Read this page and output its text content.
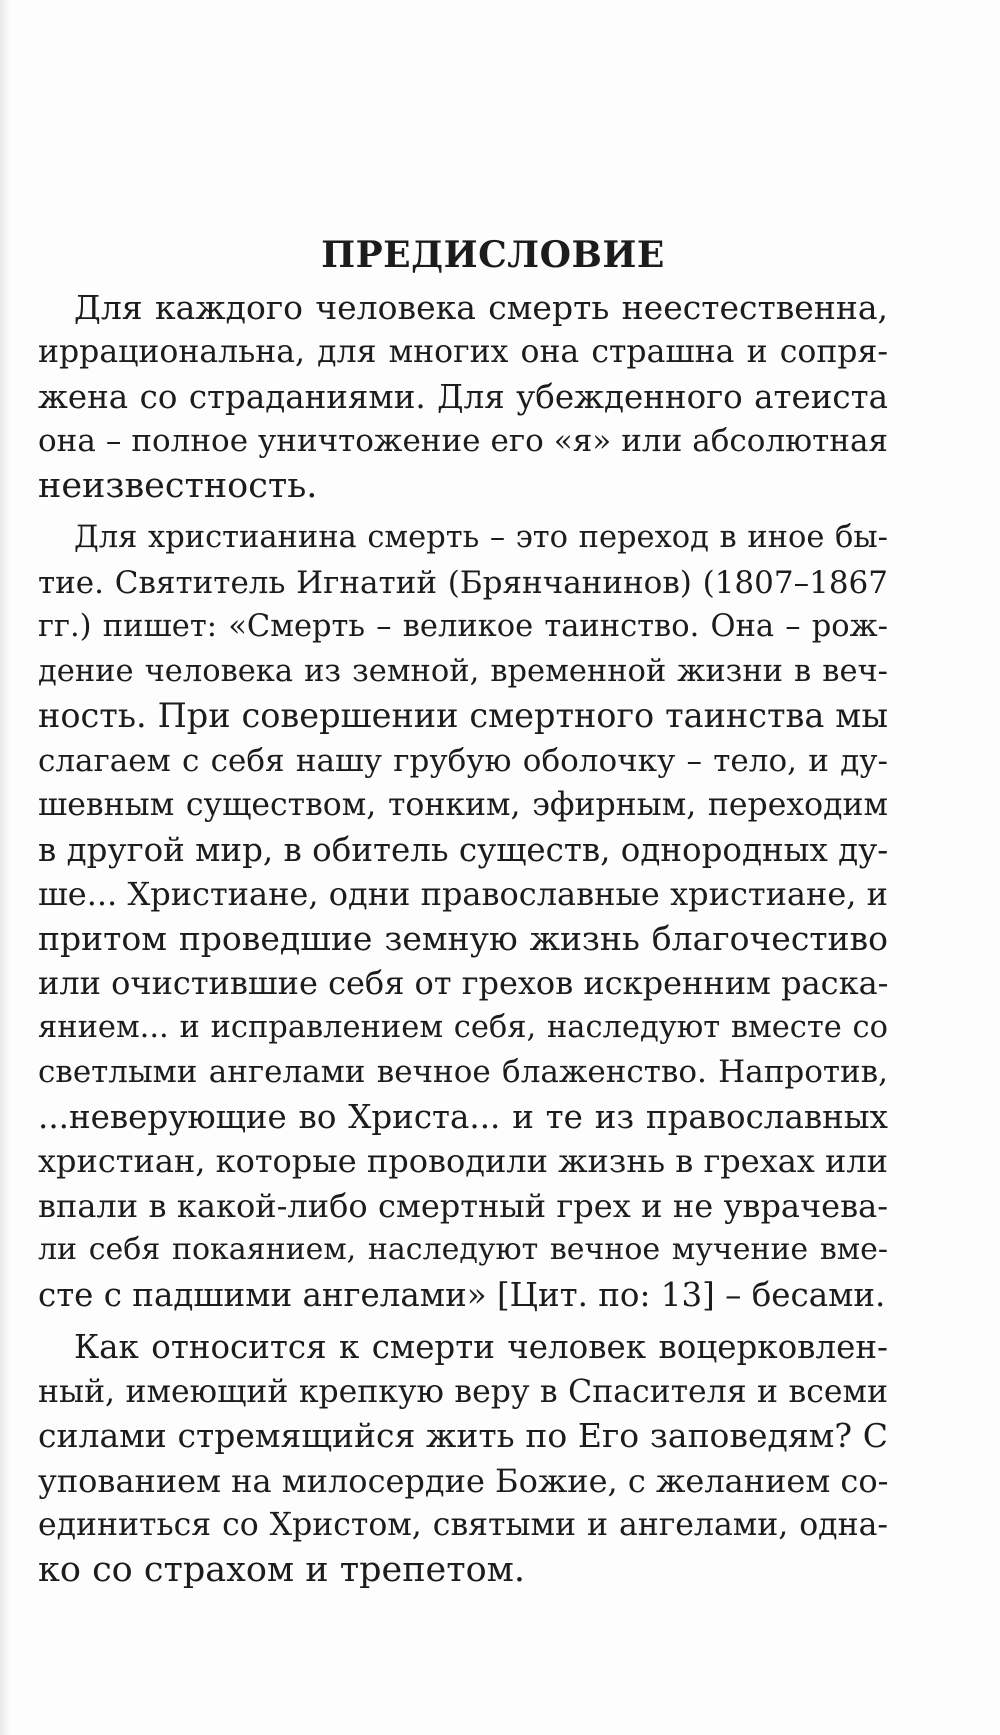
ПРЕДИСЛОВИЕ
Для каждого человека смерть неестественна,
иррациональна, для многих она страшна и сопря-
жена со страданиями. Для убежденного атеиста
она – полное уничтожение его «я» или абсолютная
неизвестность.
Для христианина смерть – это переход в иное бы-
тие. Святитель Игнатий (Брянчанинов) (1807–1867
гг.) пишет: «Смерть – великое таинство. Она – рож-
дение человека из земной, временной жизни в веч-
ность. При совершении смертного таинства мы
слагаем с себя нашу грубую оболочку – тело, и ду-
шевным существом, тонким, эфирным, переходим
в другой мир, в обитель существ, однородных ду-
ше... Христиане, одни православные христиане, и
притом проведшие земную жизнь благочестиво
или очистившие себя от грехов искренним раска-
янием... и исправлением себя, наследуют вместе со
светлыми ангелами вечное блаженство. Напротив,
...неверующие во Христа... и те из православных
христиан, которые проводили жизнь в грехах или
впали в какой-либо смертный грех и не уврачева-
ли себя покаянием, наследуют вечное мучение вме-
сте с падшими ангелами» [Цит. по: 13] – бесами.
Как относится к смерти человек воцерковлен-
ный, имеющий крепкую веру в Спасителя и всеми
силами стремящийся жить по Его заповедям? С
упованием на милосердие Божие, с желанием со-
единиться со Христом, святыми и ангелами, одна-
ко со страхом и трепетом.
